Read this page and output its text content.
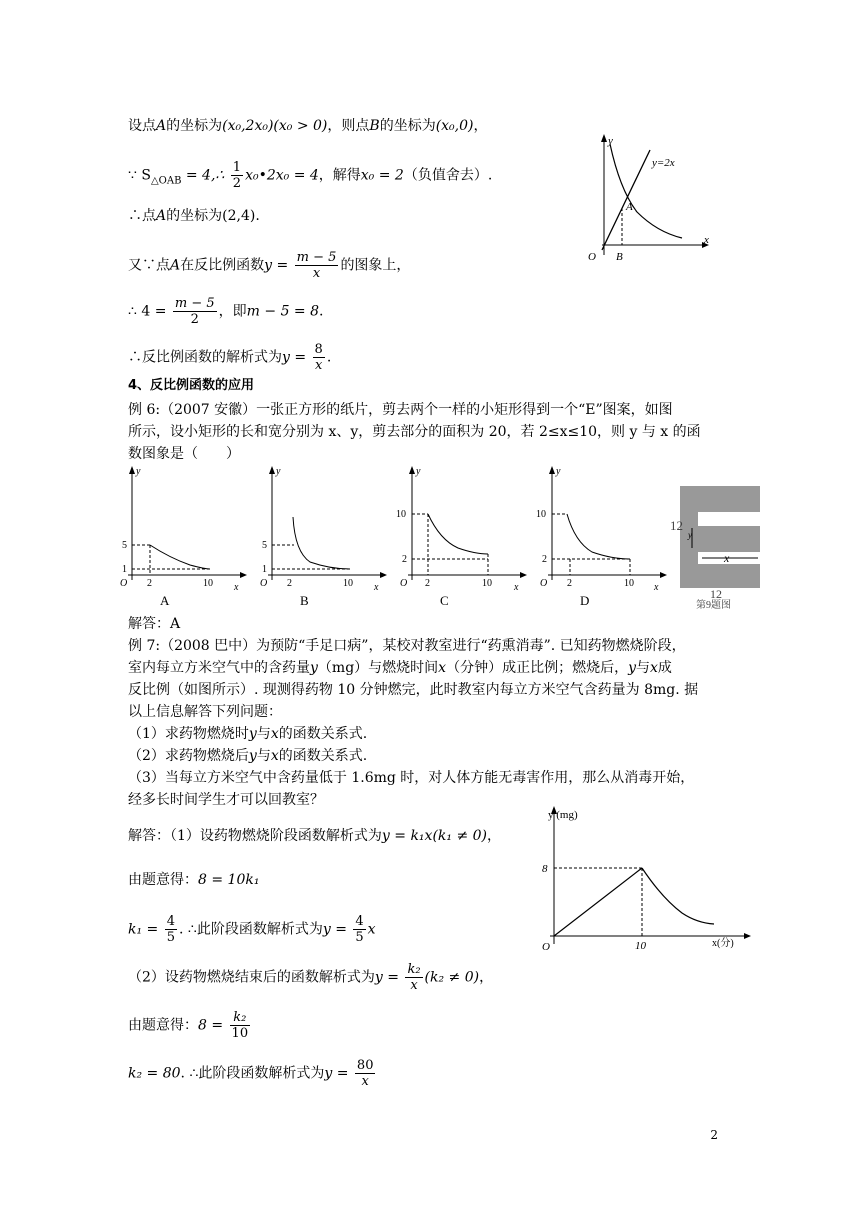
设点A的坐标为(x₀,2x₀)(x₀ > 0)，则点B的坐标为(x₀,0)，
∵ $S_{\triangle OAB}$ = 4,∴ $\frac{1}{2}$ x₀•2x₀ = 4，解得x₀ = 2（负值舍去）.
∴点A的坐标为(2,4).
又∵点A在反比例函数$y = \frac{m - 5}{x}$ 的图象上，
∴ $4 = \frac{m - 5}{2}$ ，即m − 5 = 8.
∴反比例函数的解析式为$y = \frac{8}{x}$ .
4、反比例函数的应用
例 6:（2007 安徽）一张正方形的纸片，剪去两个一样的小矩形得到一个“E”图案，如图
所示，设小矩形的长和宽分别为 x、y，剪去部分的面积为 20，若 2≤x≤10，则 y 与 x 的函
数图象是（　　）
y
x
y=2x
A
O B
5
1
2	10
O
y
x
A
5
1
2	10
O
y
x
B
10
2
2	10
O
y
x
C
10
2
2	10
O
y
x
D
12
y
x
12
第9题图
解答：A
例 7:（2008 巴中）为预防“手足口病”，某校对教室进行“药熏消毒”. 已知药物燃烧阶段，
室内每立方米空气中的含药量y（mg）与燃烧时间x（分钟）成正比例；燃烧后，y与x成
反比例（如图所示）. 现测得药物 10 分钟燃完，此时教室内每立方米空气含药量为 8mg. 据
以上信息解答下列问题：
（1）求药物燃烧时y与x的函数关系式.
（2）求药物燃烧后y与x的函数关系式.
（3）当每立方米空气中含药量低于 1.6mg 时，对人体方能无毒害作用，那么从消毒开始，
经多长时间学生才可以回教室？
解答：（1）设药物燃烧阶段函数解析式为y = k₁x(k₁ ≠ 0)，
由题意得：8 = 10k₁
$k_1 = \frac{4}{5}$ . ∴此阶段函数解析式为$y = \frac{4}{5}$ x
（2）设药物燃烧结束后的函数解析式为$y = \frac{\text{k₂}}{x} (k_2 \ne 0)$，
由题意得：$8 = \frac{\text{k₂}}{10}$
k₂ = 80. ∴此阶段函数解析式为$y = \frac{80}{x}$
y (mg)
x(分)
8
10
O
2
